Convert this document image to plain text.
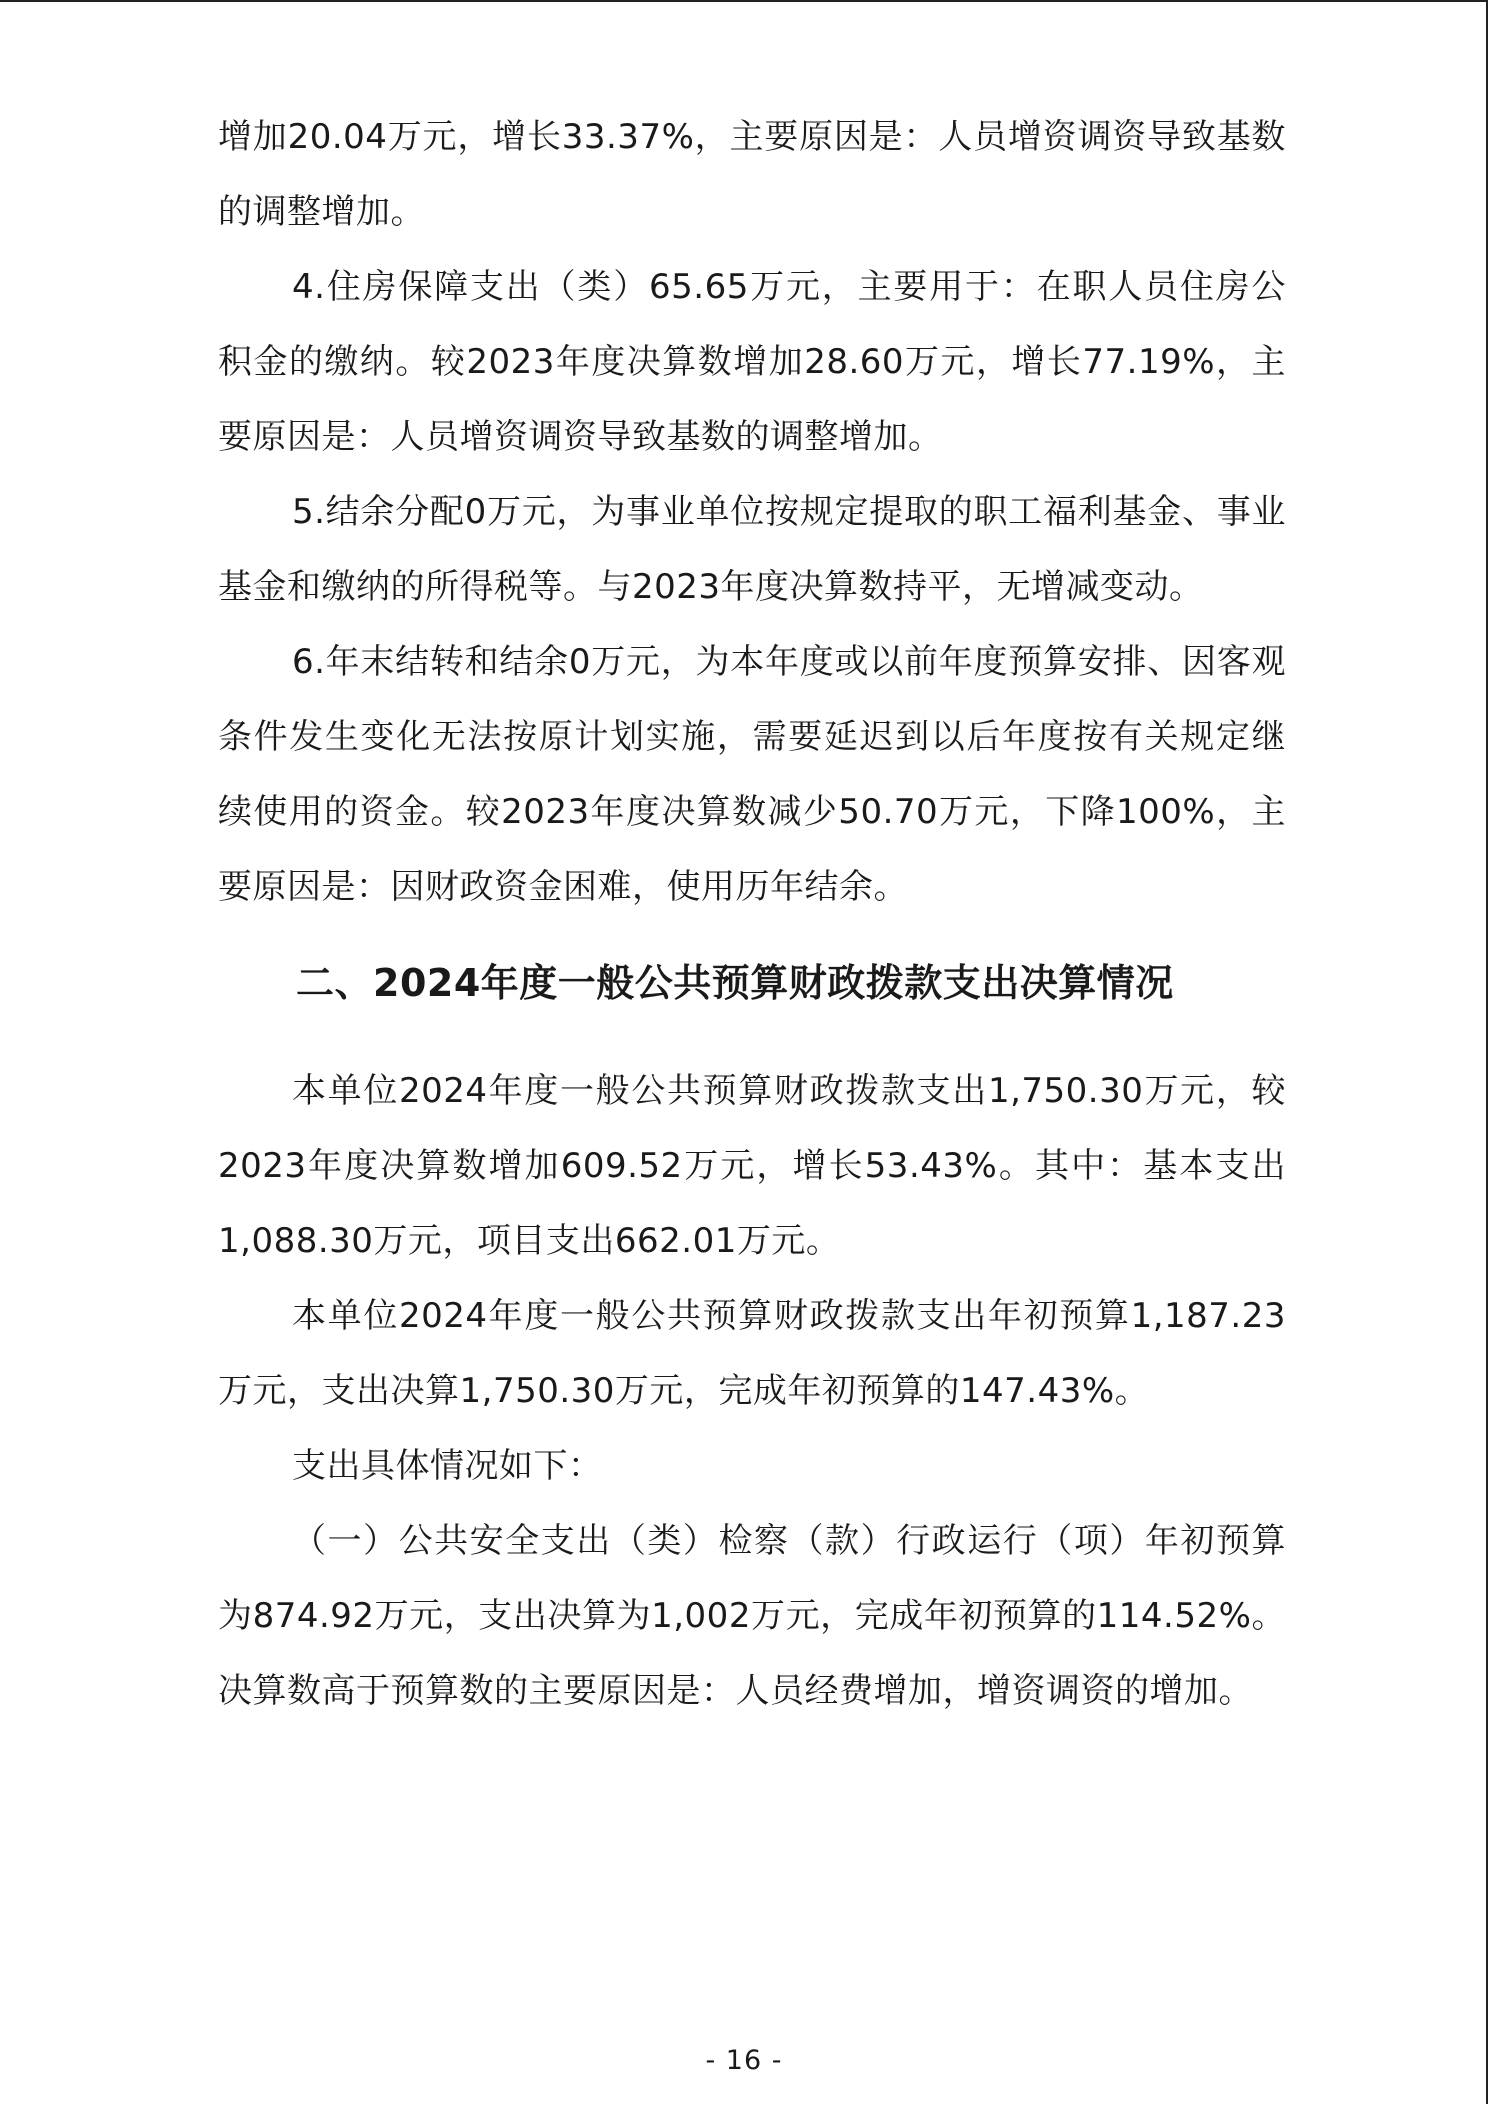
增加20.04万元，增长33.37%，主要原因是：人员增资调资导致基数的调整增加。

4.住房保障支出（类）65.65万元，主要用于：在职人员住房公积金的缴纳。较2023年度决算数增加28.60万元，增长77.19%，主要原因是：人员增资调资导致基数的调整增加。

5.结余分配0万元，为事业单位按规定提取的职工福利基金、事业基金和缴纳的所得税等。与2023年度决算数持平，无增减变动。

6.年末结转和结余0万元，为本年度或以前年度预算安排、因客观条件发生变化无法按原计划实施，需要延迟到以后年度按有关规定继续使用的资金。较2023年度决算数减少50.70万元，下降100%，主要原因是：因财政资金困难，使用历年结余。

二、2024年度一般公共预算财政拨款支出决算情况

本单位2024年度一般公共预算财政拨款支出1,750.30万元，较2023年度决算数增加609.52万元，增长53.43%。其中：基本支出1,088.30万元，项目支出662.01万元。

本单位2024年度一般公共预算财政拨款支出年初预算1,187.23万元，支出决算1,750.30万元，完成年初预算的147.43%。

支出具体情况如下：

（一）公共安全支出（类）检察（款）行政运行（项）年初预算为874.92万元，支出决算为1,002万元，完成年初预算的114.52%。决算数高于预算数的主要原因是：人员经费增加，增资调资的增加。

- 16 -
